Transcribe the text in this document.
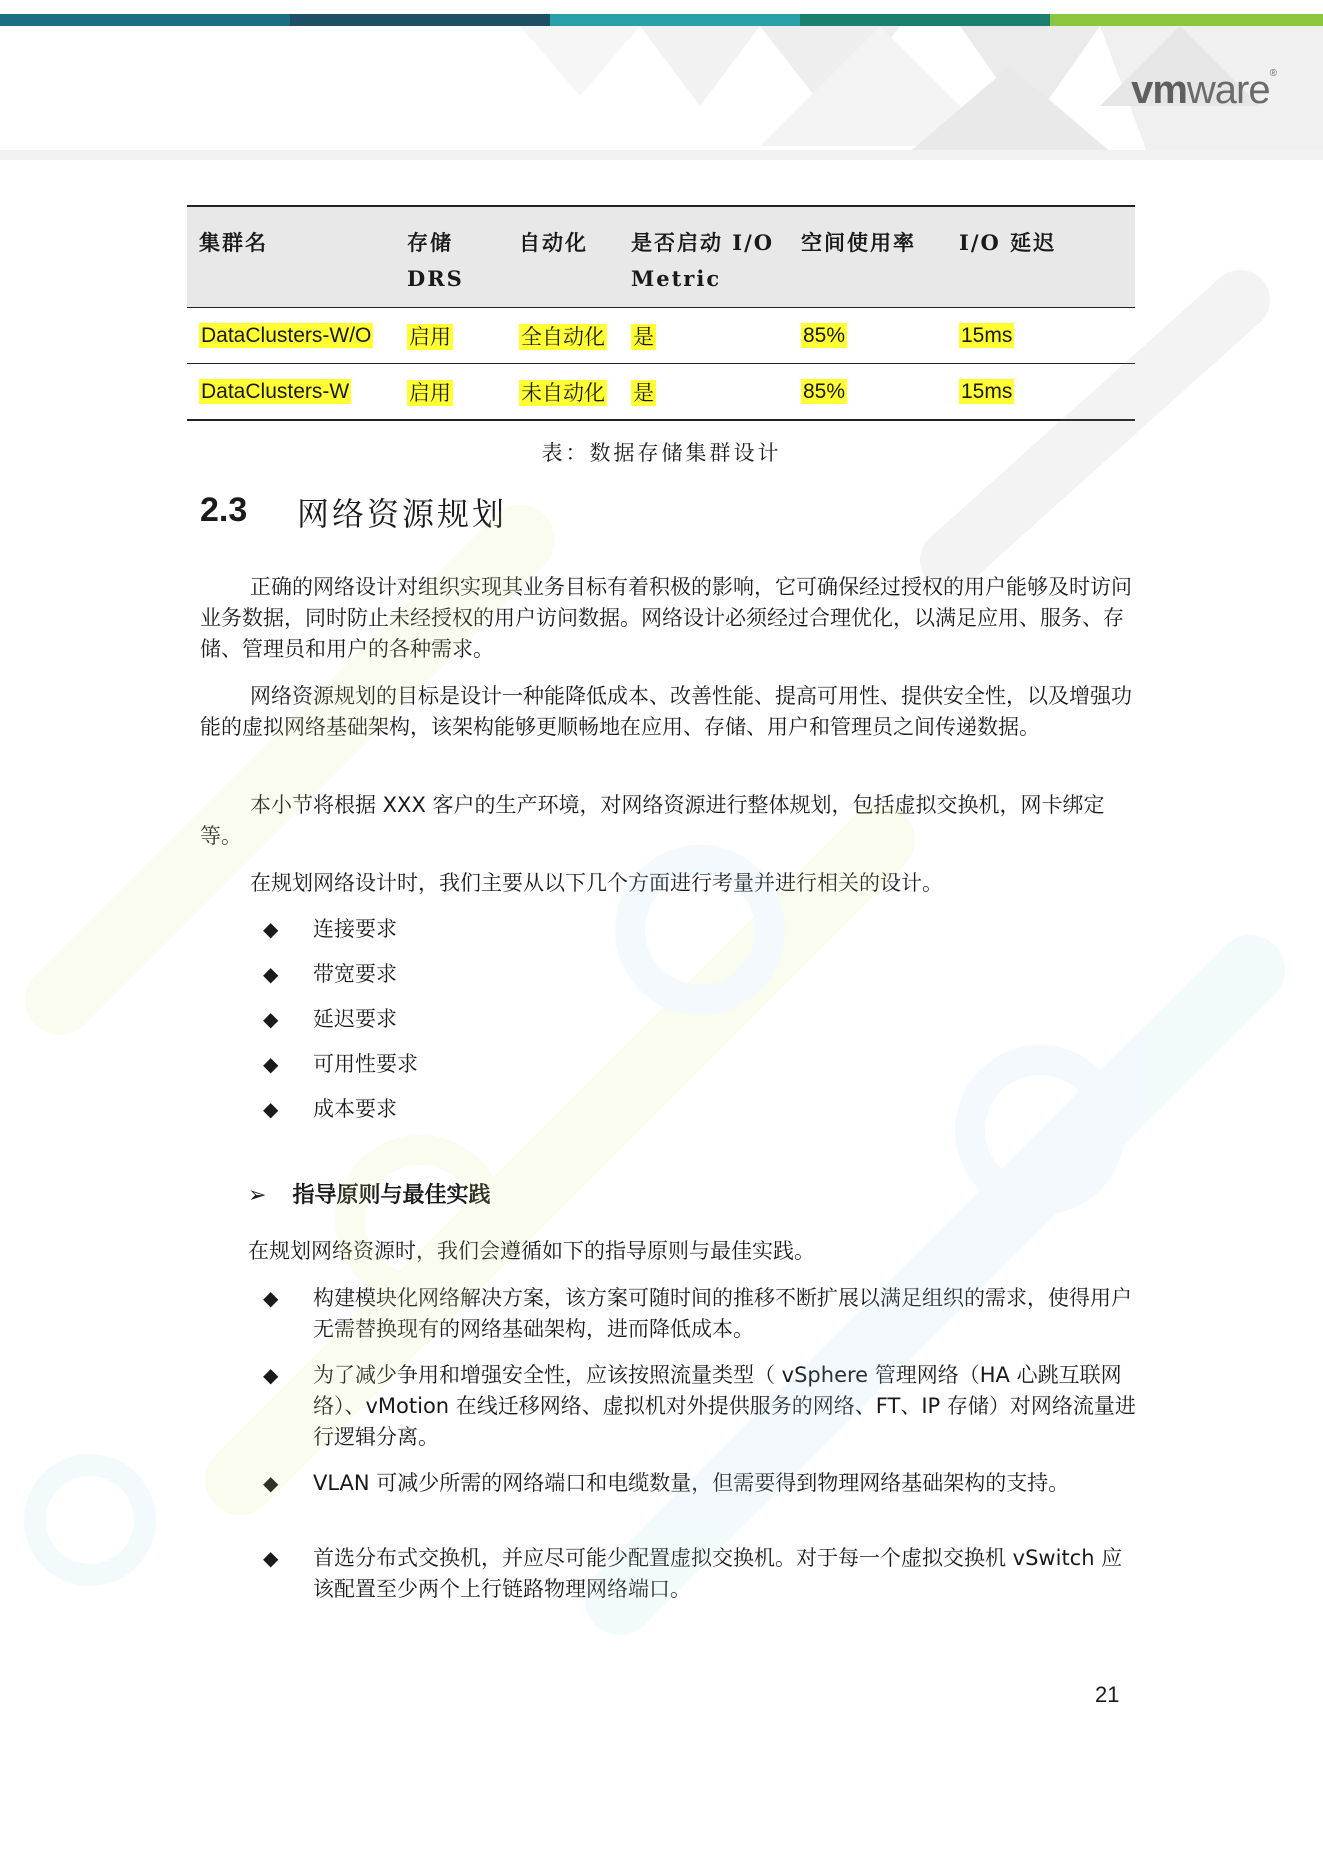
vmware®
集群名	存储 DRS	自动化	是否启动 I/O Metric	空间使用率	I/O 延迟
DataClusters-W/O	启用	全自动化	是	85%	15ms
DataClusters-W	启用	未自动化	是	85%	15ms
表：数据存储集群设计
2.3 网络资源规划

正确的网络设计对组织实现其业务目标有着积极的影响，它可确保经过授权的用户能够及时访问业务数据，同时防止未经授权的用户访问数据。网络设计必须经过合理优化，以满足应用、服务、存储、管理员和用户的各种需求。

网络资源规划的目标是设计一种能降低成本、改善性能、提高可用性、提供安全性，以及增强功能的虚拟网络基础架构，该架构能够更顺畅地在应用、存储、用户和管理员之间传递数据。

本小节将根据 XXX 客户的生产环境，对网络资源进行整体规划，包括虚拟交换机，网卡绑定等。

在规划网络设计时，我们主要从以下几个方面进行考量并进行相关的设计。

◆ 连接要求
◆ 带宽要求
◆ 延迟要求
◆ 可用性要求
◆ 成本要求
➢ 指导原则与最佳实践

在规划网络资源时，我们会遵循如下的指导原则与最佳实践。

◆ 构建模块化网络解决方案，该方案可随时间的推移不断扩展以满足组织的需求，使得用户无需替换现有的网络基础架构，进而降低成本。
◆ 为了减少争用和增强安全性，应该按照流量类型（ vSphere 管理网络（HA 心跳互联网络）、vMotion 在线迁移网络、虚拟机对外提供服务的网络、FT、IP 存储）对网络流量进行逻辑分离。
◆ VLAN 可减少所需的网络端口和电缆数量，但需要得到物理网络基础架构的支持。
◆ 首选分布式交换机，并应尽可能少配置虚拟交换机。对于每一个虚拟交换机 vSwitch 应该配置至少两个上行链路物理网络端口。
21
